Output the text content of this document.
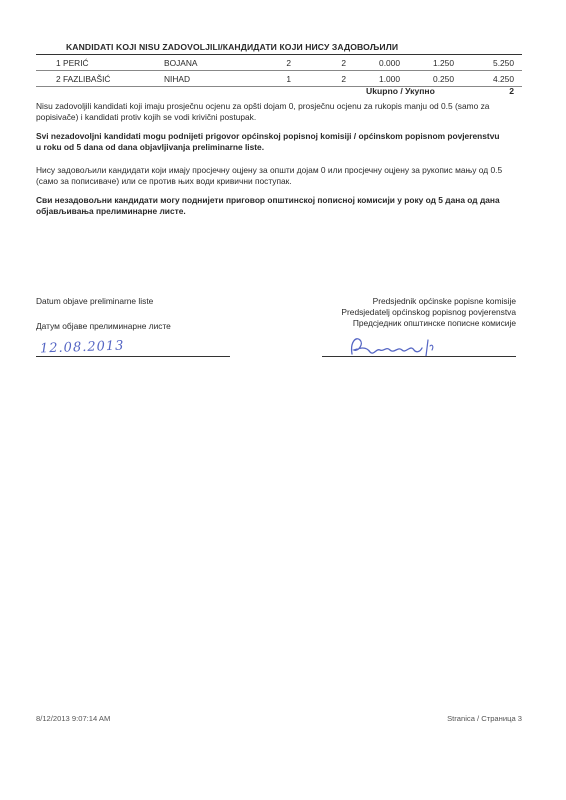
KANDIDATI KOJI NISU ZADOVOLJILI/КАНДИДАТИ КОЈИ НИСУ ЗАДОВОЉИЛИ
1 PERIĆ	BOJANA	2	2	0.000	1.250	5.250
2 FAZLIBAŠIĆ	NIHAD	1	2	1.000	0.250	4.250
Ukupno / Укупно	2
Nisu zadovoljili kandidati koji imaju prosječnu ocjenu za opšti dojam 0, prosječnu ocjenu za rukopis manju od 0.5 (samo za popisivače) i kandidati protiv kojih se vodi krivični postupak.
Svi nezadovoljni kandidati mogu podnijeti prigovor općinskoj popisnoj komisiji / općinskom popisnom povjerenstvu u roku od 5 dana od dana objavljivanja preliminarne liste.
Нису задовољили кандидати који имају просјечну оцјену за општи дојам 0 или просјечну оцјену за рукопис мању од 0.5 (само за пописиваче) или се против њих води кривични поступак.
Сви незадовољни кандидати могу поднијети приговор општинској пописној комисији у року од 5 дана од дана објављивања прелиминарне листе.
Datum objave preliminarne liste
Датум објаве прелиминарне листе
Predsjednik općinske popisne komisije
Predsjedatelj općinskog popisnog povjerenstva
Предсједник општинске пописне комисије
12.08.2013
8/12/2013 9:07:14 AM	Stranica / Страница 3
